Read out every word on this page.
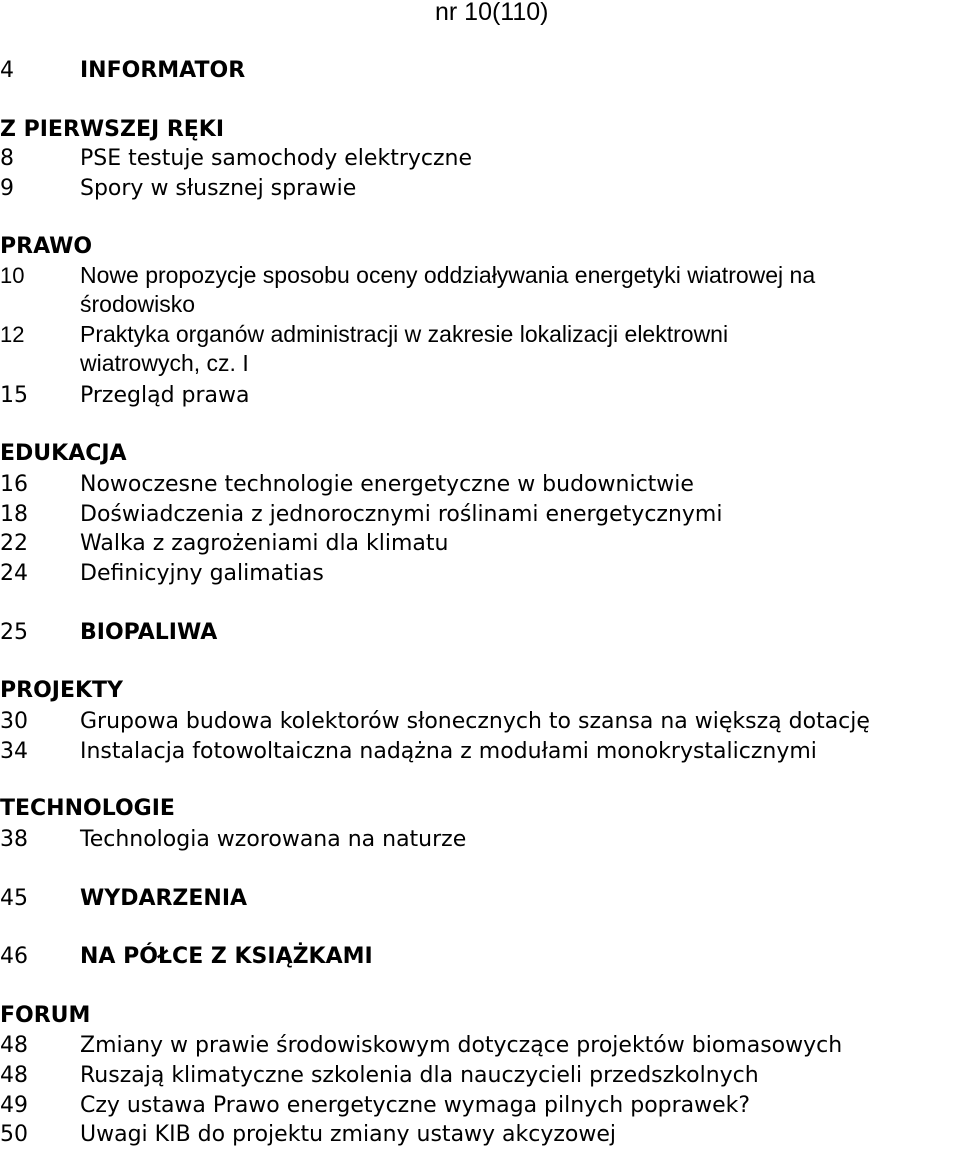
nr 10(110)
4	INFORMATOR
Z PIERWSZEJ RĘKI
8	PSE testuje samochody elektryczne
9	Spory w słusznej sprawie
PRAWO
10 Nowe propozycje sposobu oceny oddziaływania energetyki wiatrowej na
środowisko
12 Praktyka organów administracji w zakresie lokalizacji elektrowni
wiatrowych, cz. I
15 Przegląd prawa
EDUKACJA
16 Nowoczesne technologie energetyczne w budownictwie
18 Doświadczenia z jednorocznymi roślinami energetycznymi
22 Walka z zagrożeniami dla klimatu
24 Definicyjny galimatias
25 BIOPALIWA
PROJEKTY
30 Grupowa budowa kolektorów słonecznych to szansa na większą dotację
34 Instalacja fotowoltaiczna nadążna z modułami monokrystalicznymi
TECHNOLOGIE
38 Technologia wzorowana na naturze
45 WYDARZENIA
46 NA PÓŁCE Z KSIĄŻKAMI
FORUM
48 Zmiany w prawie środowiskowym dotyczące projektów biomasowych
48 Ruszają klimatyczne szkolenia dla nauczycieli przedszkolnych
49 Czy ustawa Prawo energetyczne wymaga pilnych poprawek?
50 Uwagi KIB do projektu zmiany ustawy akcyzowej
